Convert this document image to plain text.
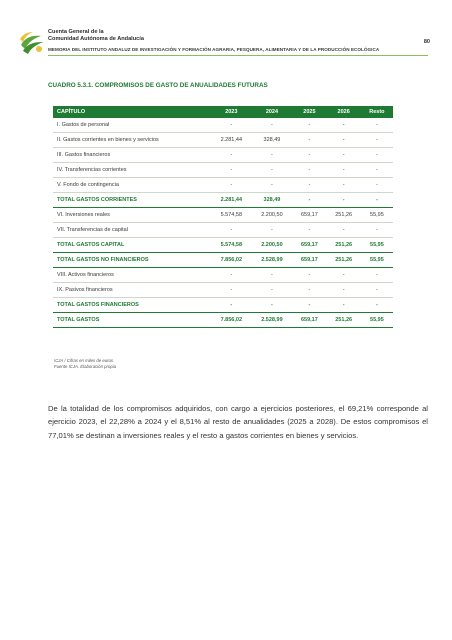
Cuenta General de la
Comunidad Autónoma de Andalucía	80
MEMORIA DEL INSTITUTO ANDALUZ DE INVESTIGACIÓN Y FORMACIÓN AGRARIA, PESQUERA, ALIMENTARIA Y DE LA PRODUCCIÓN ECOLÓGICA
CUADRO 5.3.1. COMPROMISOS DE GASTO DE ANUALIDADES FUTURAS
CAPÍTULO	2023	2024	2025	2026	Resto
I. Gastos de personal	-	-	-	-	-
II. Gastos corrientes en bienes y servicios	2.281,44	328,49	-	-	-
III. Gastos financieros	-	-	-	-	-
IV. Transferencias corrientes	-	-	-	-	-
V. Fondo de contingencia	-	-	-	-	-
TOTAL GASTOS CORRIENTES	2.281,44	328,49	-	-	-
VI. Inversiones reales	5.574,58	2.200,50	659,17	251,26	55,95
VII. Transferencias de capital	-	-	-	-	-
TOTAL GASTOS CAPITAL	5.574,58	2.200,50	659,17	251,26	55,95
TOTAL GASTOS NO FINANCIEROS	7.856,02	2.528,99	659,17	251,26	55,95
VIII. Activos financieros	-	-	-	-	-
IX. Pasivos financieros	-	-	-	-	-
TOTAL GASTOS FINANCIEROS	-	-	-	-	-
TOTAL GASTOS	7.856,02	2.528,99	659,17	251,26	55,95
ICJA / Cifras en miles de euros.
Fuente ICJA. Elaboración propia
De la totalidad de los compromisos adquiridos, con cargo a ejercicios posteriores, el 69,21% corresponde al ejercicio 2023, el 22,28% a 2024 y el 8,51% al resto de anualidades (2025 a 2028). De estos compromisos el 77,01% se destinan a inversiones reales y el resto a gastos corrientes en bienes y servicios.
